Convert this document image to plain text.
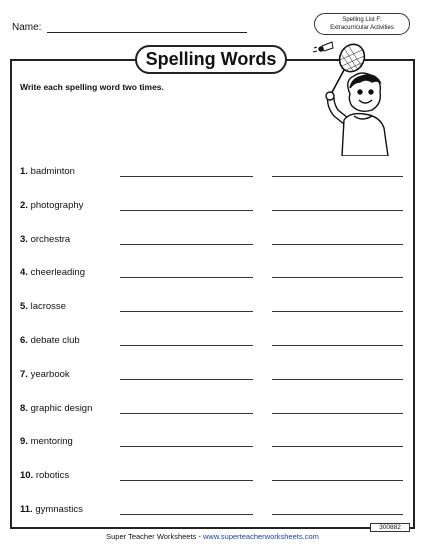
Name:
Spelling List F:
Extracurricular Activities
Spelling Words
Write each spelling word two times.
1. badminton
2. photography
3. orchestra
4. cheerleading
5. lacrosse
6. debate club
7. yearbook
8. graphic design
9. mentoring
10. robotics
11. gymnastics
300882
Super Teacher Worksheets - www.superteacherworksheets.com
